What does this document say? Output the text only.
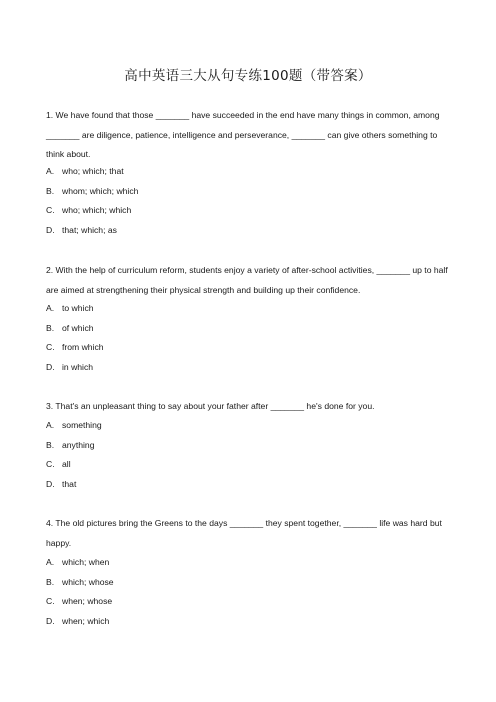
高中英语三大从句专练100题（带答案）
1. We have found that those _______ have succeeded in the end have many things in common, among _______ are diligence, patience, intelligence and perseverance, _______ can give others something to think about.
A. who; which; that
B. whom; which; which
C. who; which; which
D. that; which; as
2. With the help of curriculum reform, students enjoy a variety of after-school activities, _______ up to half are aimed at strengthening their physical strength and building up their confidence.
A. to which
B. of which
C. from which
D. in which
3. That's an unpleasant thing to say about your father after _______ he's done for you.
A. something
B. anything
C. all
D. that
4. The old pictures bring the Greens to the days _______ they spent together, _______ life was hard but happy.
A. which; when
B. which; whose
C. when; whose
D. when; which
